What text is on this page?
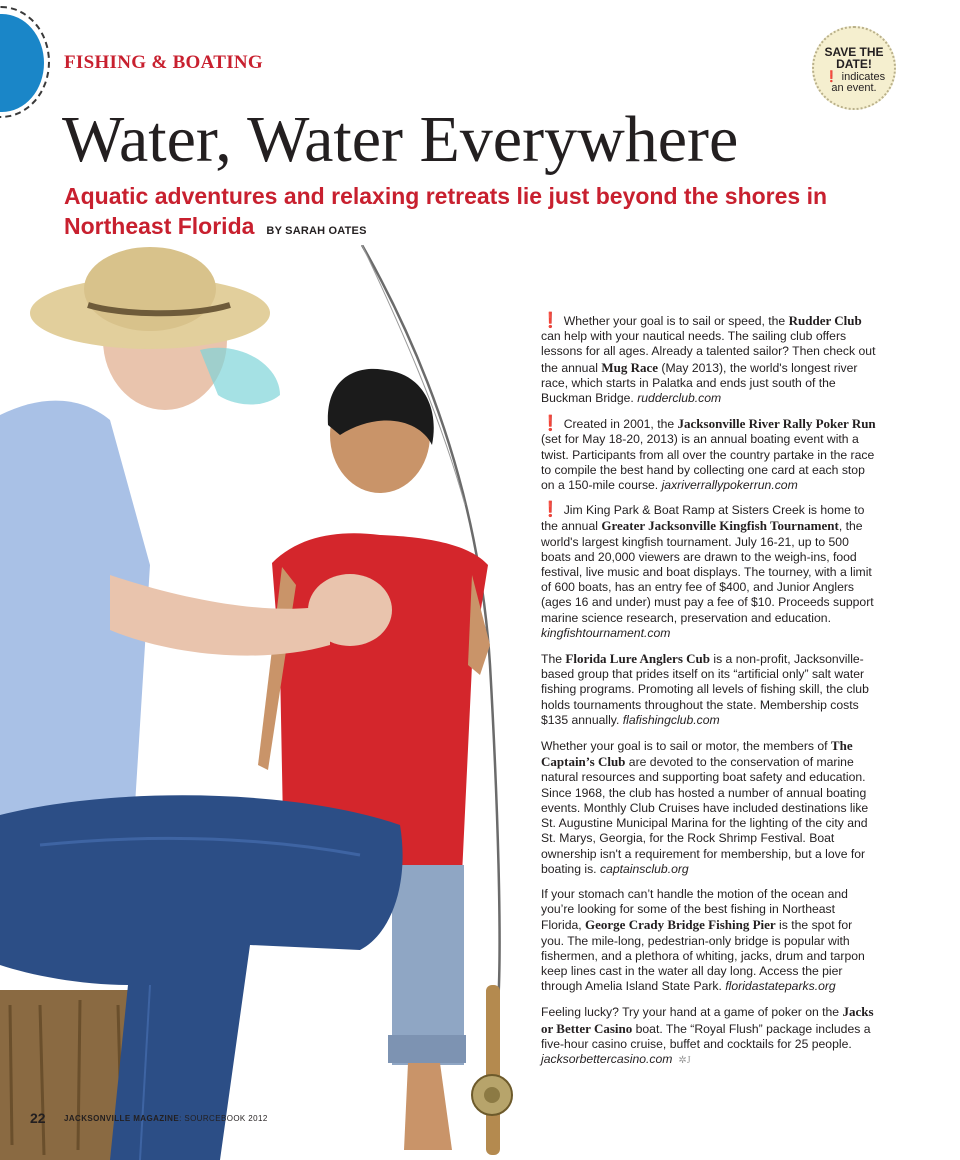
FISHING & BOATING	SAVE THE
DATE!
❗ indicates
an event.
Water, Water Everywhere
Aquatic adventures and relaxing retreats lie just beyond the shores in Northeast Florida BY SARAH OATES

❗ Whether your goal is to sail or speed, the Rudder Club can help with your nautical needs. The sailing club offers lessons for all ages. Already a talented sailor? Then check out the annual Mug Race (May 2013), the world's longest river race, which starts in Palatka and ends just south of the Buckman Bridge. rudderclub.com

❗ Created in 2001, the Jacksonville River Rally Poker Run (set for May 18-20, 2013) is an annual boating event with a twist. Participants from all over the country partake in the race to compile the best hand by collecting one card at each stop on a 150-mile course. jaxriverrallypokerrun.com

❗ Jim King Park & Boat Ramp at Sisters Creek is home to the annual Greater Jacksonville Kingfish Tournament, the world's largest kingfish tournament. July 16-21, up to 500 boats and 20,000 viewers are drawn to the weigh-ins, food festival, live music and boat displays. The tourney, with a limit of 600 boats, has an entry fee of $400, and Junior Anglers (ages 16 and under) must pay a fee of $10. Proceeds support marine science research, preservation and education. kingfishtournament.com

The Florida Lure Anglers Cub is a non-profit, Jacksonville-based group that prides itself on its “artificial only” salt water fishing programs. Promoting all levels of fishing skill, the club holds tournaments throughout the state. Membership costs $135 annually. flafishingclub.com

Whether your goal is to sail or motor, the members of The Captain’s Club are devoted to the conservation of marine natural resources and supporting boat safety and education. Since 1968, the club has hosted a number of annual boating events. Monthly Club Cruises have included destinations like St. Augustine Municipal Marina for the lighting of the city and St. Marys, Georgia, for the Rock Shrimp Festival. Boat ownership isn't a requirement for membership, but a love for boating is. captainsclub.org

If your stomach can’t handle the motion of the ocean and you’re looking for some of the best fishing in Northeast Florida, George Crady Bridge Fishing Pier is the spot for you. The mile-long, pedestrian-only bridge is popular with fishermen, and a plethora of whiting, jacks, drum and tarpon keep lines cast in the water all day long. Access the pier through Amelia Island State Park. floridastateparks.org

Feeling lucky? Try your hand at a game of poker on the Jacks or Better Casino boat. The “Royal Flush” package includes a five-hour casino cruise, buffet and cocktails for 25 people. jacksorbettercasino.com ✲J

22 JACKSONVILLE MAGAZINE: SOURCEBOOK 2012
